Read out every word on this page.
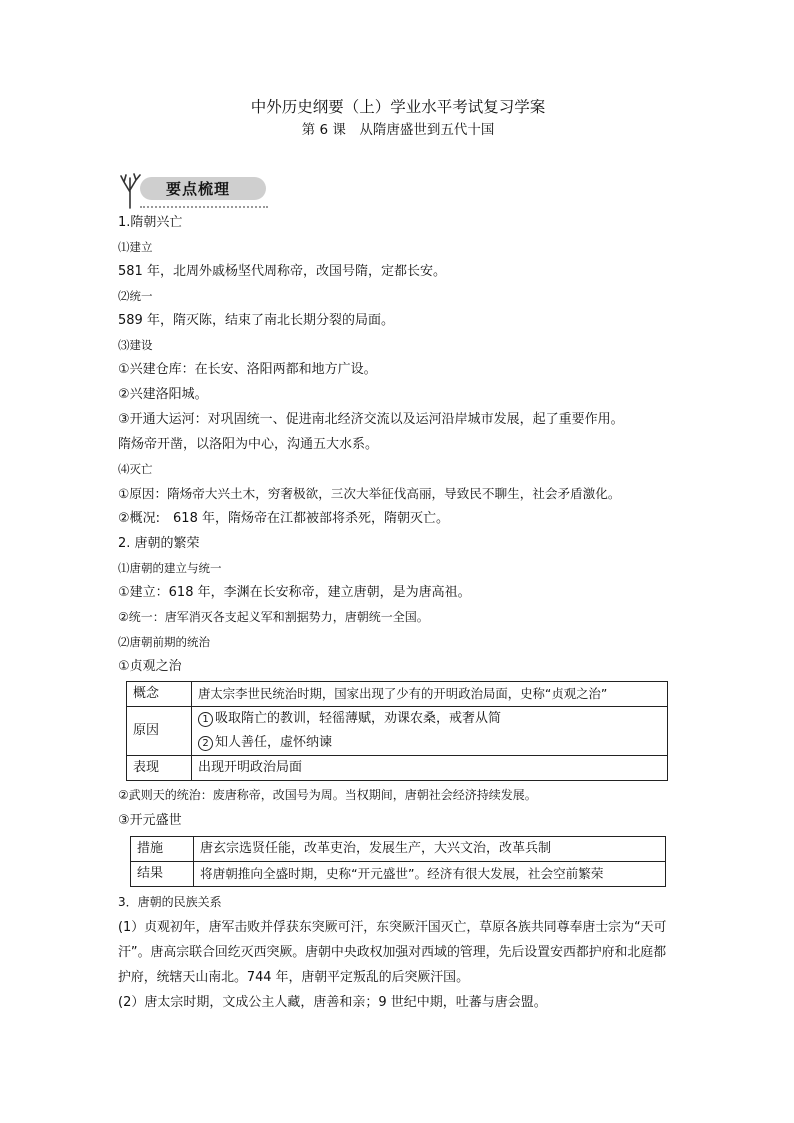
中外历史纲要（上）学业水平考试复习学案
第 6 课　从隋唐盛世到五代十国
要点梳理
1.隋朝兴亡
⑴建立
581 年，北周外戚杨坚代周称帝，改国号隋，定都长安。
⑵统一
589 年，隋灭陈，结束了南北长期分裂的局面。
⑶建设
①兴建仓库：在长安、洛阳两都和地方广设。
②兴建洛阳城。
③开通大运河：对巩固统一、促进南北经济交流以及运河沿岸城市发展，起了重要作用。
隋炀帝开凿，以洛阳为中心，沟通五大水系。
⑷灭亡
①原因：隋炀帝大兴土木，穷奢极欲，三次大举征伐高丽，导致民不聊生，社会矛盾激化。
②概况:　618 年，隋炀帝在江都被部将杀死，隋朝灭亡。
2. 唐朝的繁荣
⑴唐朝的建立与统一
①建立：618 年，李渊在长安称帝，建立唐朝，是为唐高祖。
②统一：唐军消灭各支起义军和割据势力，唐朝统一全国。
⑵唐朝前期的统治
①贞观之治
概念	唐太宗李世民统治时期，国家出现了少有的开明政治局面，史称“贞观之治”
原因	1 吸取隋亡的教训，轻徭薄赋，劝课农桑，戒奢从简
2 知人善任，虚怀纳谏

表现	出现开明政治局面
②武则天的统治：废唐称帝，改国号为周。当权期间，唐朝社会经济持续发展。
③开元盛世
措施	唐玄宗选贤任能，改革吏治，发展生产，大兴文治，改革兵制
结果	将唐朝推向全盛时期，史称“开元盛世”。经济有很大发展，社会空前繁荣
3．唐朝的民族关系
(1）贞观初年，唐军击败并俘获东突厥可汗，东突厥汗国灭亡，草原各族共同尊奉唐士宗为“天可汗”。唐高宗联合回纥灭西突厥。唐朝中央政权加强对西域的管理，先后设置安西都护府和北庭都护府，统辖天山南北。744 年，唐朝平定叛乱的后突厥汗国。
(2）唐太宗时期，文成公主人藏，唐善和亲；9 世纪中期，吐蕃与唐会盟。
